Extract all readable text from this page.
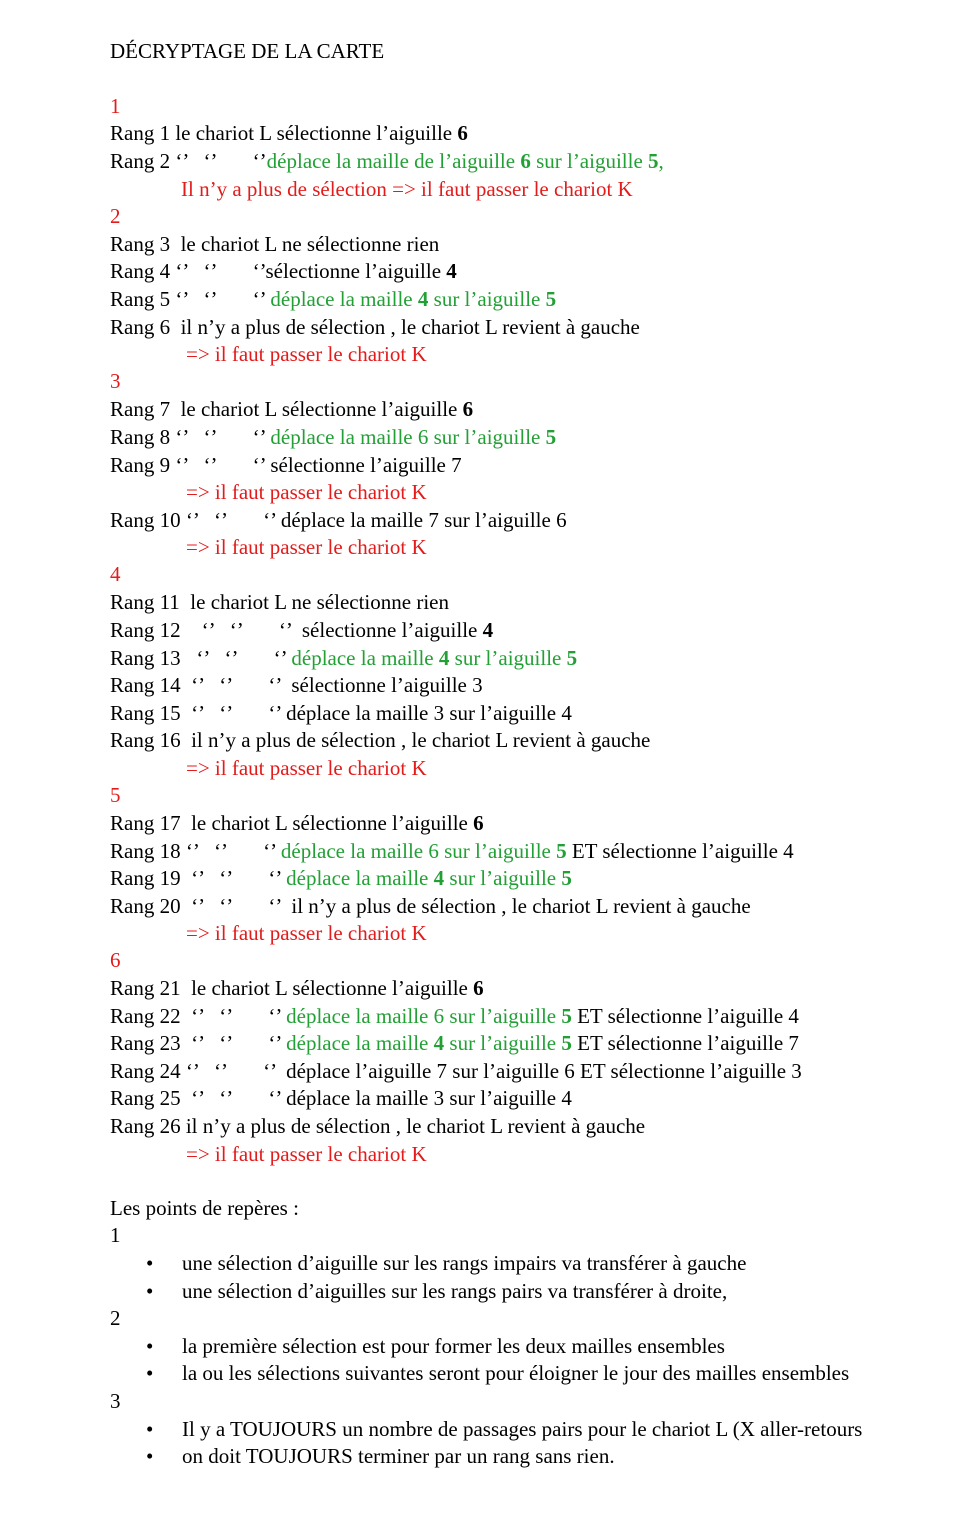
DÉCRYPTAGE DE LA CARTE
1
Rang 1 le chariot L sélectionne l’aiguille 6
Rang 2 ‘’   ‘’       ‘’déplace la maille de l’aiguille 6 sur l’aiguille 5,
Il n’y a plus de sélection => il faut passer le chariot K
2
Rang 3  le chariot L ne sélectionne rien
Rang 4 ‘’   ‘’       ‘’sélectionne l’aiguille 4
Rang 5 ‘’   ‘’       ‘’ déplace la maille 4 sur l’aiguille 5
Rang 6  il n’y a plus de sélection , le chariot L revient à gauche
=> il faut passer le chariot K
3
Rang 7  le chariot L sélectionne l’aiguille 6
Rang 8 ‘’   ‘’       ‘’ déplace la maille 6 sur l’aiguille 5
Rang 9 ‘’   ‘’       ‘’ sélectionne l’aiguille 7
=> il faut passer le chariot K
Rang 10 ‘’   ‘’       ‘’ déplace la maille 7 sur l’aiguille 6
=> il faut passer le chariot K
4
Rang 11  le chariot L ne sélectionne rien
Rang 12    ‘’   ‘’       ‘’  sélectionne l’aiguille 4
Rang 13   ‘’   ‘’       ‘’ déplace la maille 4 sur l’aiguille 5
Rang 14  ‘’   ‘’       ‘’  sélectionne l’aiguille 3
Rang 15  ‘’   ‘’       ‘’ déplace la maille 3 sur l’aiguille 4
Rang 16  il n’y a plus de sélection , le chariot L revient à gauche
=> il faut passer le chariot K
5
Rang 17  le chariot L sélectionne l’aiguille 6
Rang 18 ‘’   ‘’       ‘’ déplace la maille 6 sur l’aiguille 5 ET sélectionne l’aiguille 4
Rang 19  ‘’   ‘’       ‘’ déplace la maille 4 sur l’aiguille 5
Rang 20  ‘’   ‘’       ‘’  il n’y a plus de sélection , le chariot L revient à gauche
=> il faut passer le chariot K
6
Rang 21  le chariot L sélectionne l’aiguille 6
Rang 22  ‘’   ‘’       ‘’ déplace la maille 6 sur l’aiguille 5 ET sélectionne l’aiguille 4
Rang 23  ‘’   ‘’       ‘’ déplace la maille 4 sur l’aiguille 5 ET sélectionne l’aiguille 7
Rang 24 ‘’   ‘’       ‘’  déplace l’aiguille 7 sur l’aiguille 6 ET sélectionne l’aiguille 3
Rang 25  ‘’   ‘’       ‘’ déplace la maille 3 sur l’aiguille 4
Rang 26 il n’y a plus de sélection , le chariot L revient à gauche
=> il faut passer le chariot K
Les points de repères :
1
• une sélection d’aiguille sur les rangs impairs va transférer à gauche
• une sélection d’aiguilles sur les rangs pairs va transférer à droite,
2
• la première sélection est pour former les deux mailles ensembles
• la ou les sélections suivantes seront pour éloigner le jour des mailles ensembles
3
• Il y a TOUJOURS un nombre de passages pairs pour le chariot L (X aller-retours
• on doit TOUJOURS terminer par un rang sans rien.
